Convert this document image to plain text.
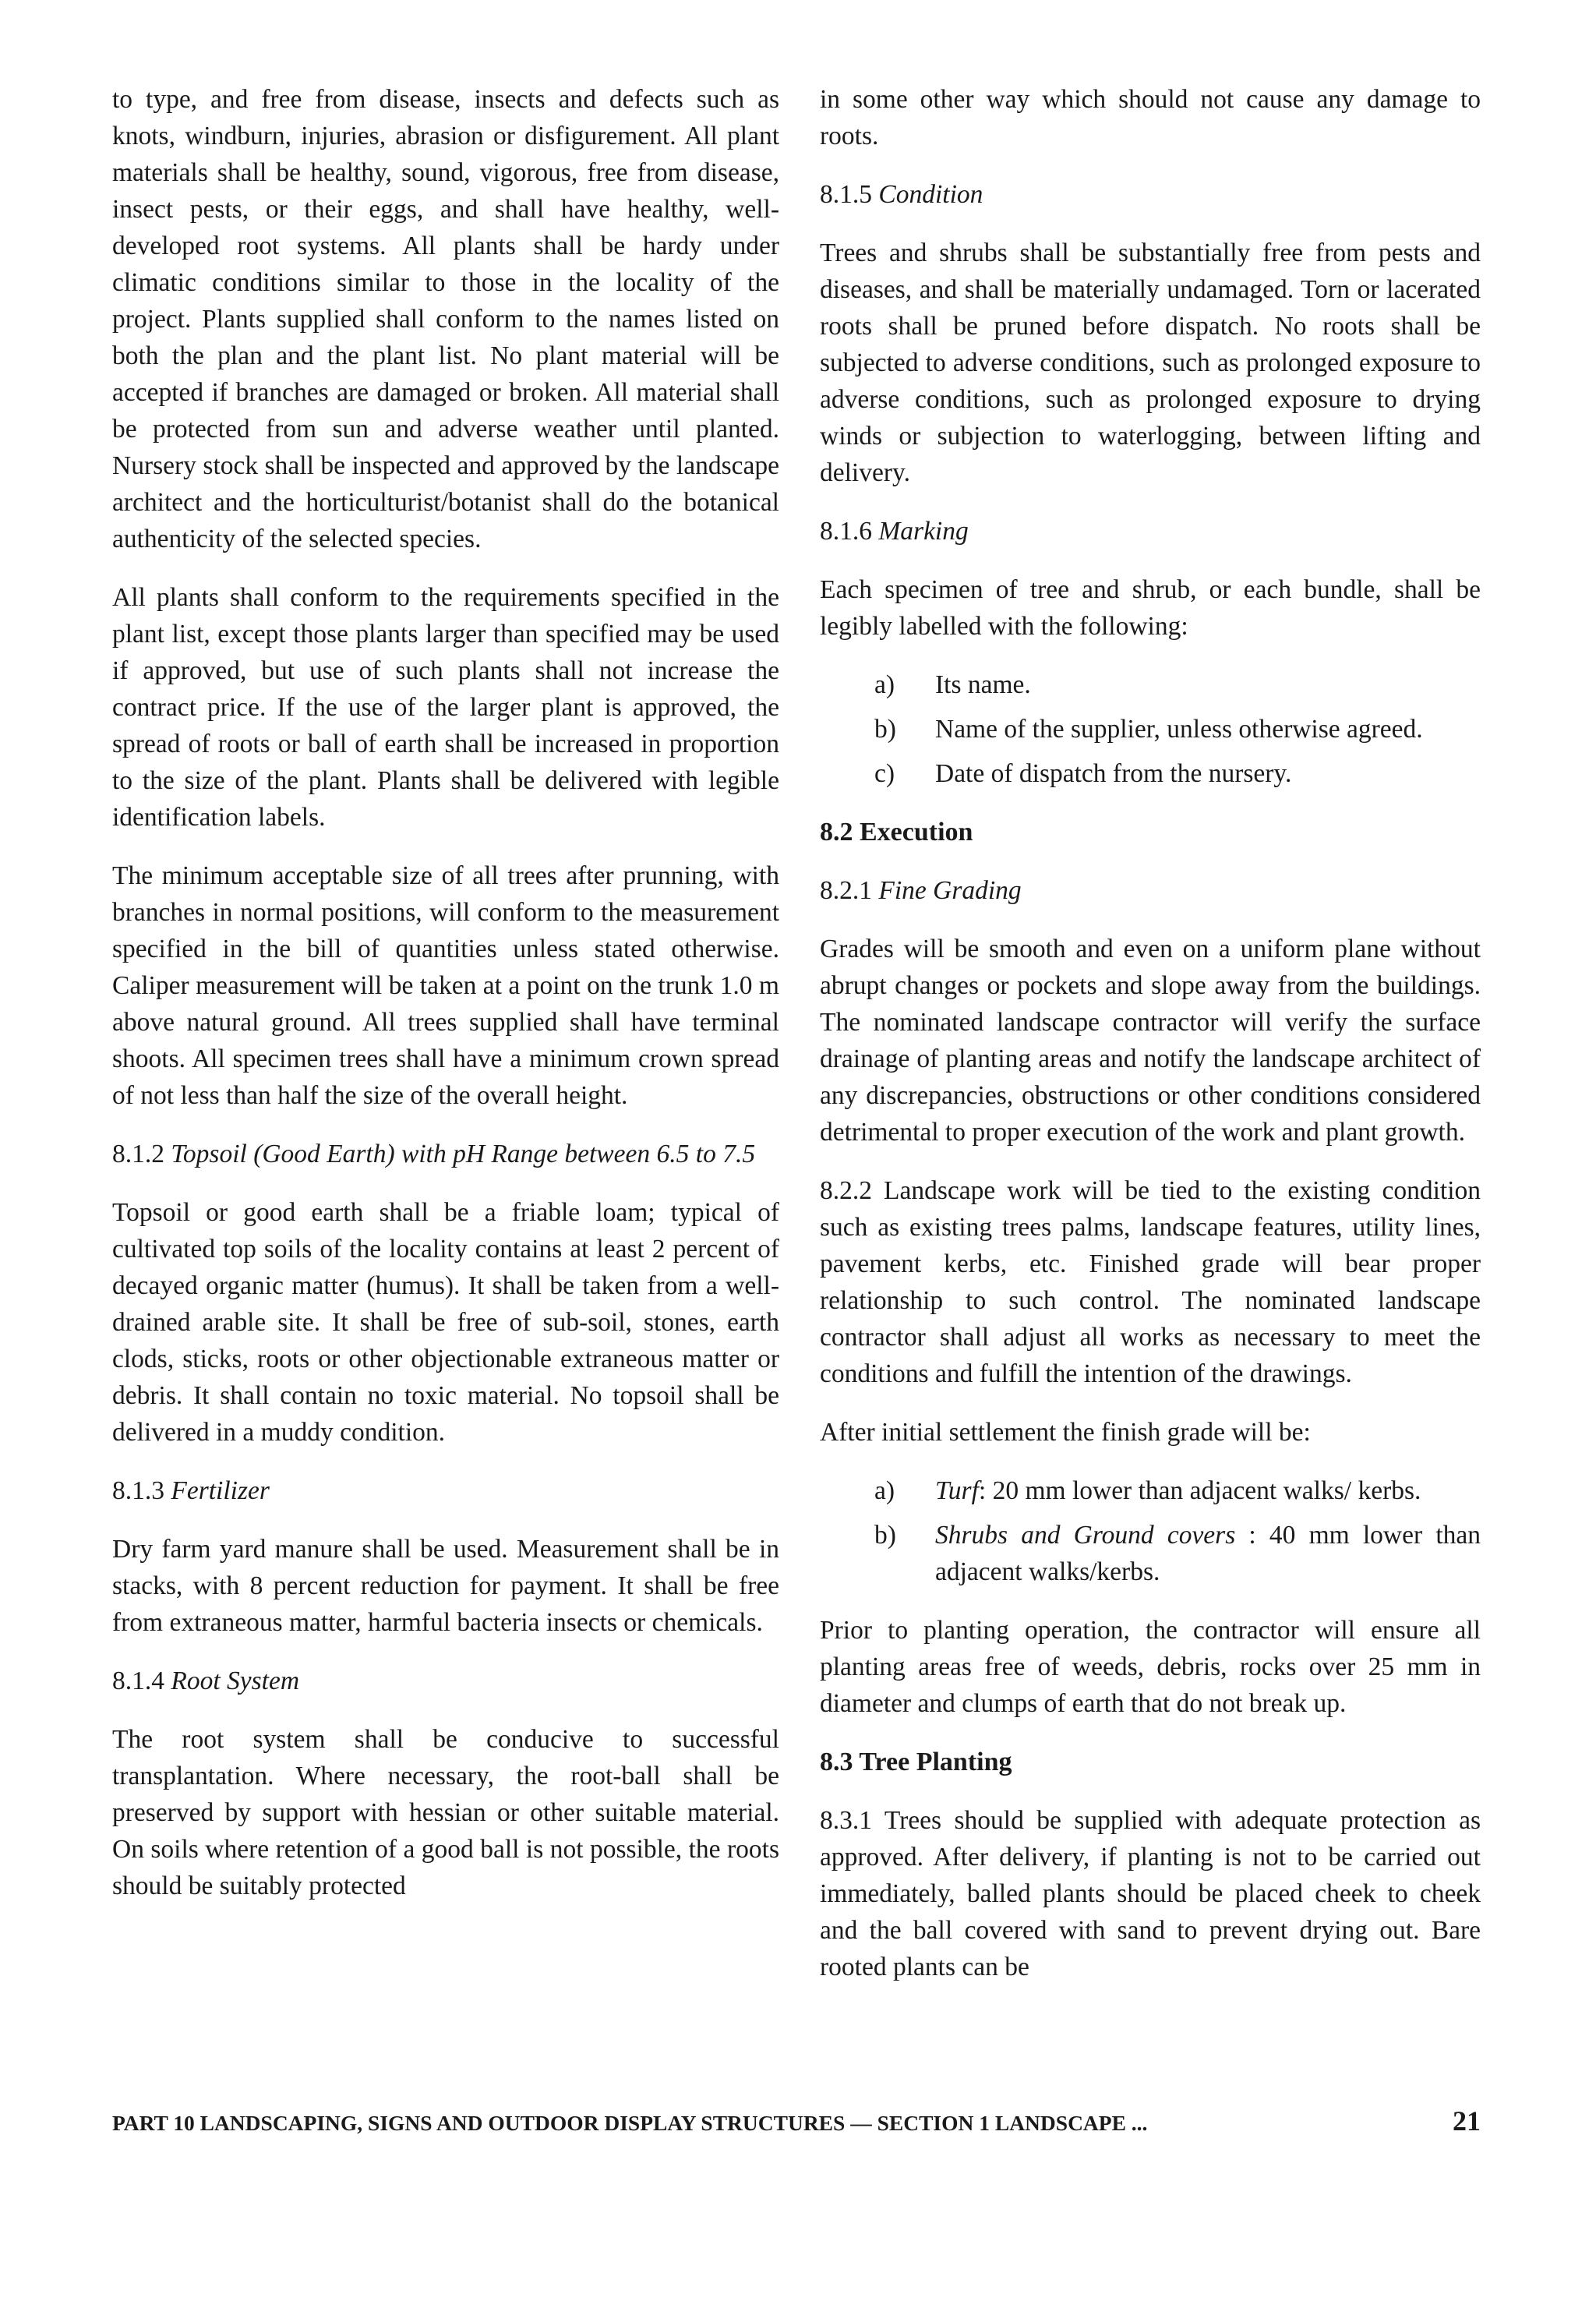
to type, and free from disease, insects and defects such as knots, windburn, injuries, abrasion or disfigurement. All plant materials shall be healthy, sound, vigorous, free from disease, insect pests, or their eggs, and shall have healthy, well-developed root systems. All plants shall be hardy under climatic conditions similar to those in the locality of the project. Plants supplied shall conform to the names listed on both the plan and the plant list. No plant material will be accepted if branches are damaged or broken. All material shall be protected from sun and adverse weather until planted. Nursery stock shall be inspected and approved by the landscape architect and the horticulturist/botanist shall do the botanical authenticity of the selected species.

All plants shall conform to the requirements specified in the plant list, except those plants larger than specified may be used if approved, but use of such plants shall not increase the contract price. If the use of the larger plant is approved, the spread of roots or ball of earth shall be increased in proportion to the size of the plant. Plants shall be delivered with legible identification labels.

The minimum acceptable size of all trees after prunning, with branches in normal positions, will conform to the measurement specified in the bill of quantities unless stated otherwise. Caliper measurement will be taken at a point on the trunk 1.0 m above natural ground. All trees supplied shall have terminal shoots. All specimen trees shall have a minimum crown spread of not less than half the size of the overall height.

8.1.2 Topsoil (Good Earth) with pH Range between 6.5 to 7.5

Topsoil or good earth shall be a friable loam; typical of cultivated top soils of the locality contains at least 2 percent of decayed organic matter (humus). It shall be taken from a well-drained arable site. It shall be free of sub-soil, stones, earth clods, sticks, roots or other objectionable extraneous matter or debris. It shall contain no toxic material. No topsoil shall be delivered in a muddy condition.

8.1.3 Fertilizer

Dry farm yard manure shall be used. Measurement shall be in stacks, with 8 percent reduction for payment. It shall be free from extraneous matter, harmful bacteria insects or chemicals.

8.1.4 Root System

The root system shall be conducive to successful transplantation. Where necessary, the root-ball shall be preserved by support with hessian or other suitable material. On soils where retention of a good ball is not possible, the roots should be suitably protected

in some other way which should not cause any damage to roots.

8.1.5 Condition

Trees and shrubs shall be substantially free from pests and diseases, and shall be materially undamaged. Torn or lacerated roots shall be pruned before dispatch. No roots shall be subjected to adverse conditions, such as prolonged exposure to adverse conditions, such as prolonged exposure to drying winds or subjection to waterlogging, between lifting and delivery.

8.1.6 Marking

Each specimen of tree and shrub, or each bundle, shall be legibly labelled with the following:

a)	Its name.
b)	Name of the supplier, unless otherwise agreed.
c)	Date of dispatch from the nursery.
8.2 Execution
8.2.1 Fine Grading

Grades will be smooth and even on a uniform plane without abrupt changes or pockets and slope away from the buildings. The nominated landscape contractor will verify the surface drainage of planting areas and notify the landscape architect of any discrepancies, obstructions or other conditions considered detrimental to proper execution of the work and plant growth.

8.2.2 Landscape work will be tied to the existing condition such as existing trees palms, landscape features, utility lines, pavement kerbs, etc. Finished grade will bear proper relationship to such control. The nominated landscape contractor shall adjust all works as necessary to meet the conditions and fulfill the intention of the drawings.

After initial settlement the finish grade will be:

a)	Turf: 20 mm lower than adjacent walks/ kerbs.
b)	Shrubs and Ground covers : 40 mm lower than adjacent walks/kerbs.

Prior to planting operation, the contractor will ensure all planting areas free of weeds, debris, rocks over 25 mm in diameter and clumps of earth that do not break up.

8.3 Tree Planting

8.3.1 Trees should be supplied with adequate protection as approved. After delivery, if planting is not to be carried out immediately, balled plants should be placed cheek to cheek and the ball covered with sand to prevent drying out. Bare rooted plants can be

PART 10 LANDSCAPING, SIGNS AND OUTDOOR DISPLAY STRUCTURES — SECTION 1 LANDSCAPE ...	21
